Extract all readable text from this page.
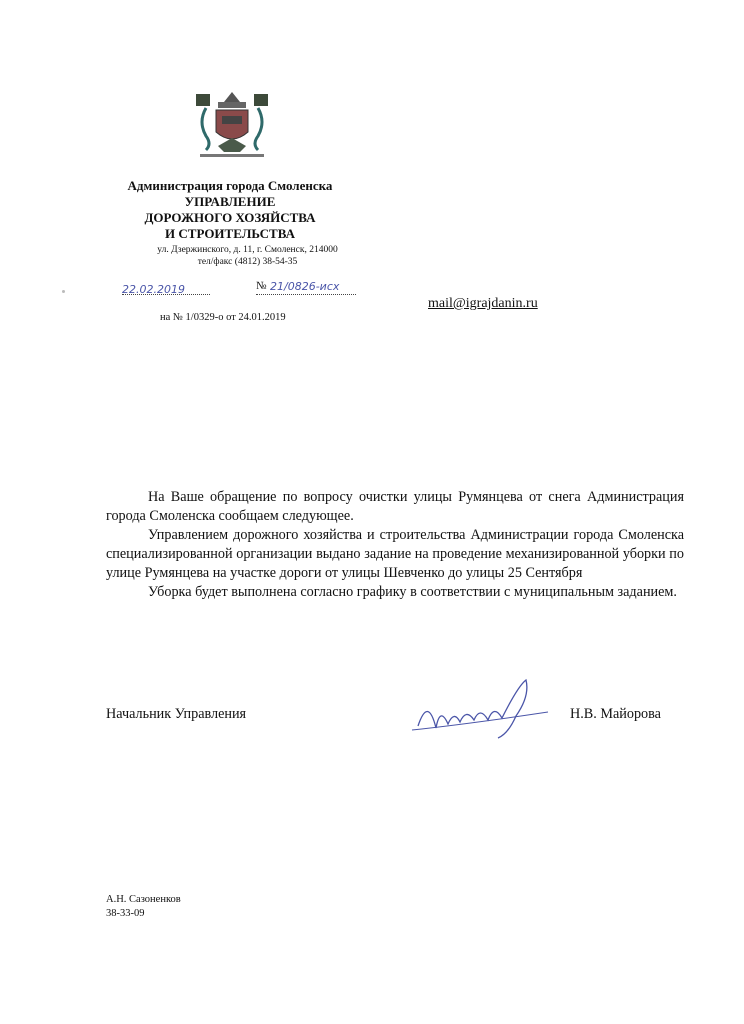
Администрация города Смоленска
УПРАВЛЕНИЕ
ДОРОЖНОГО ХОЗЯЙСТВА
И СТРОИТЕЛЬСТВА
ул. Дзержинского, д. 11, г. Смоленск, 214000
тел/факс (4812) 38-54-35
22.02.2019	№ 21/0826-исх
на № 1/0329-о от 24.01.2019
mail@igrajdanin.ru

На Ваше обращение по вопросу очистки улицы Румянцева от снега Администрация города Смоленска сообщаем следующее.

Управлением дорожного хозяйства и строительства Администрации города Смоленска специализированной организации выдано задание на проведение механизированной уборки по улице Румянцева на участке дороги от улицы Шевченко до улицы 25 Сентября

Уборка будет выполнена согласно графику в соответствии с муниципальным заданием.

Начальник Управления	Н.В. Майорова
А.Н. Сазоненков
38-33-09
